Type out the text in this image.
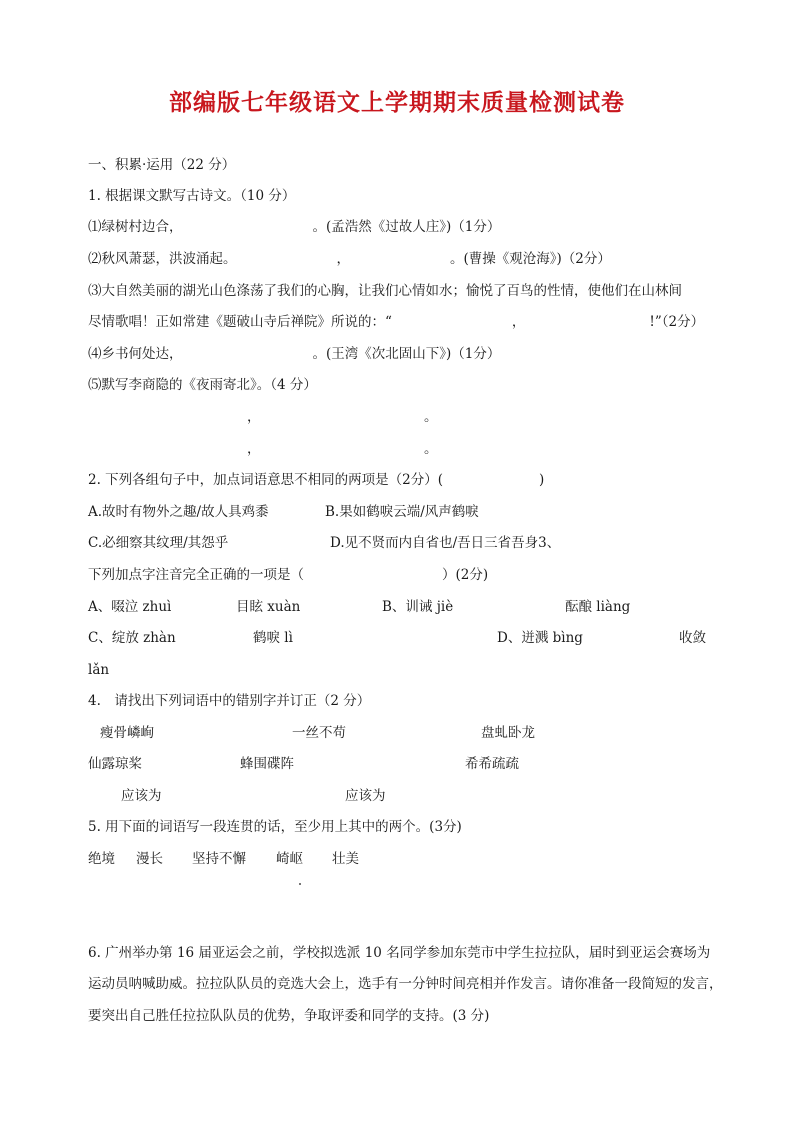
部编版七年级语文上学期期末质量检测试卷
一、积累·运用（22 分）
1. 根据课文默写古诗文。（10 分）
⑴绿树村边合，	。(孟浩然《过故人庄》)（1分）
⑵秋风萧瑟，洪波涌起。	，	。(曹操《观沧海》)（2分）
⑶大自然美丽的湖光山色涤荡了我们的心胸，让我们心情如水；愉悦了百鸟的性情，使他们在山林间
尽情歌唱！正如常建《题破山寺后禅院》所说的：“	，	!”（2分）
⑷乡书何处达，	。(王湾《次北固山下》)（1分）
⑸默写李商隐的《夜雨寄北》。（4 分）
，	。
，	。
2. 下列各组句子中，加点词语意思不相同的两项是（2分）(	)
A.故时有物外之趣/故人具鸡黍	B.果如鹤唳云端/风声鹤唳
C.必细察其纹理/其怨乎	D.见不贤而内自省也/吾日三省吾身3、
下列加点字注音完全正确的一项是（	）(2分)
A、啜泣 zhuì	目眩 xuàn	B、训诫 jiè	酝酿 liàng
C、绽放 zhàn	鹤唳 lì	D、迸溅 bìng	收敛
lǎn
4.　请找出下列词语中的错别字并订正（2 分）
瘦骨嶙峋	一丝不苟	盘虬卧龙
仙露琼桨	蜂围碟阵	希希疏疏
应该为	应该为
5. 用下面的词语写一段连贯的话，至少用上其中的两个。(3分)
绝境 漫长 坚持不懈 崎岖 壮美
6. 广州举办第 16 届亚运会之前，学校拟选派 10 名同学参加东莞市中学生拉拉队，届时到亚运会赛场为
运动员呐喊助威。拉拉队队员的竞选大会上，选手有一分钟时间亮相并作发言。请你准备一段简短的发言，
要突出自己胜任拉拉队队员的优势，争取评委和同学的支持。(3 分)
